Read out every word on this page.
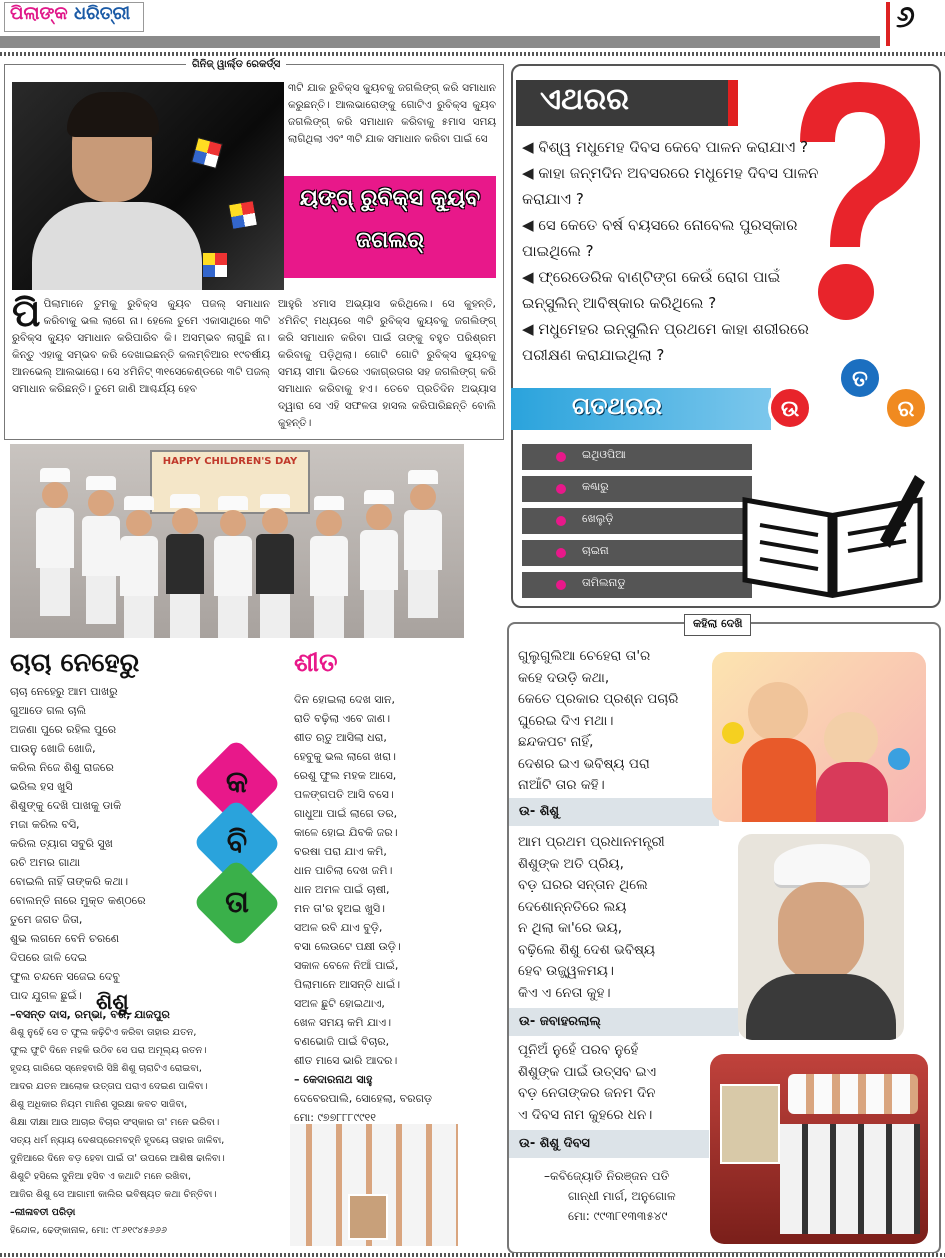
ପିଲାଙ୍କ ଧରିତ୍ରୀ	୬
ଗିନିଜ୍ ୱାର୍ଲ୍ଡ ରେକର୍ଡ୍ସ
୩ଟି ଯାକ ରୁବିକ୍ସ କ୍ୟୁବକୁ ଜଗଲିଙ୍ଗ୍ କରି ସମାଧାନ କରୁଛନ୍ତି। ଆଲଭାରୋଙ୍କୁ ଗୋଟିଏ ରୁବିକ୍ସ କ୍ୟୁବ ଜଗଲିଙ୍ଗ୍ କରି ସମାଧାନ କରିବାକୁ ୫ମାସ ସମୟ ଲାଗିଥିଲା ଏବଂ ୩ଟି ଯାକ ସମାଧାନ କରିବା ପାଇଁ ସେ
ୟଙ୍ଗ୍ ରୁବିକ୍ସ କ୍ୟୁବ
ଜଗଲର୍
ପିପିଲାମାନେ ତୁମକୁ ରୁବିକ୍ସ କ୍ୟୁବ ପଜଲ୍ ସମାଧାନ କରିବାକୁ ଭଲ ଲାଗେ ନା। ହେଲେ ତୁମେ ଏକାସାଥିରେ ୩ଟି ରୁବିକ୍ସ କ୍ୟୁବ ସମାଧାନ କରିପାରିବ କି। ଅସମ୍ଭବ ଲାଗୁଛି ନା। କିନ୍ତୁ ଏହାକୁ ସମ୍ଭବ କରି ଦେଖାଇଛନ୍ତି କଲମ୍ବିଆର ୧୯ବର୍ଷୀୟ ଆନଭେଲ୍ ଆଲଭାରୋ। ସେ ୪ମିନିଟ୍ ୩୧ସେକେଣ୍ଡରେ ୩ଟି ପଜଲ୍ ସମାଧାନ କରିଛନ୍ତି। ତୁମେ ଜାଣି ଆଶ୍ଚର୍ଯ୍ୟ ହେବ
ଆହୁରି ୪ମାସ ଅଭ୍ୟାସ କରିଥିଲେ। ସେ କୁହନ୍ତି, ୪ମିନିଟ୍ ମଧ୍ୟରେ ୩ଟି ରୁବିକ୍ସ କ୍ୟୁବକୁ ଜଗଲିଙ୍ଗ୍ କରି ସମାଧାନ କରିବା ପାଇଁ ତାଙ୍କୁ ବହୁତ ପରିଶ୍ରମ କରିବାକୁ ପଡ଼ିଥିଲା। ଗୋଟି ଗୋଟି ରୁବିକ୍ସ କ୍ୟୁବକୁ ସମୟ ସୀମା ଭିତରେ ଏକାଗ୍ରତାର ସହ ଜଗଲିଙ୍ଗ୍ କରି ସମାଧାନ କରିବାକୁ ହଏ। ତେବେ ପ୍ରତିଦିନ ଅଭ୍ୟାସ ଦ୍ୱାରା ସେ ଏହି ସଫଳତା ହାସଲ କରିପାରିଛନ୍ତି ବୋଲି କୁହନ୍ତି।
HAPPY CHILDREN'S DAY
ଏଥରର
◀ ବିଶ୍ୱ ମଧୁମେହ ଦିବସ କେବେ ପାଳନ କରାଯାଏ ?
◀ କାହା ଜନ୍ମଦିନ ଅବସରରେ ମଧୁମେହ ଦିବସ ପାଳନ କରାଯାଏ ?
◀ ସେ କେତେ ବର୍ଷ ବୟସରେ ନୋବେଲ ପୁରସ୍କାର ପାଇଥିଲେ ?
◀ ଫ୍ରେଡେରିକ ବାଣ୍ଟିଙ୍ଗ କେଉଁ ରୋଗ ପାଇଁ ଇନ୍ସୁଲିନ୍ ଆବିଷ୍କାର କରିଥିଲେ ?
◀ ମଧୁମେହର ଇନ୍ସୁଲିନ ପ୍ରଥମେ କାହା ଶରୀରରେ ପରୀକ୍ଷଣ କରାଯାଇଥିଲା ?
ଗତଥରର	ଉ
ତ
ର
ଇଥିଓପିଆ
କଣ୍ଢାରୁ
ଖେଲୁଡ଼ି
ଚାଇନା
ତାମିଲନାଡୁ
କହିଲା ଦେଖି
ଗୁଲୁଗୁଲିଆ ଚେହେରା ତା'ର
କହେ ଦଉଡ଼ି କଥା,
କେତେ ପ୍ରକାର ପ୍ରଶ୍ନ ପଚାରି
ଘୁରେଇ ଦିଏ ମଥା।
ଛନ୍ଦକପଟ ନାହିଁ,
ଦେଶର ଇଏ ଭବିଷ୍ୟ ପରା
ନାଆଁଟି ତାର କହି।
ଉ- ଶିଶୁ
ଆମ ପ୍ରଥମ ପ୍ରଧାନମନ୍ତ୍ରୀ
ଶିଶୁଙ୍କ ଅତି ପ୍ରିୟ,
ବଡ଼ ଘରର ସନ୍ତାନ ଥିଲେ
ଦେଶୋନ୍ନତିରେ ଲୟ
ନ ଥିଲା କା'ରେ ଭୟ,
ବଢ଼ିଲେ ଶିଶୁ ଦେଶ ଭବିଷ୍ୟ
ହେବ ଉଜ୍ଜ୍ୱଳମୟ।
କିଏ ଏ ନେତା କୁହ।
ଉ- ଜବାହରଲାଲ୍
ପୂନିଅଁ ନୁହେଁ ପରବ ନୁହେଁ
ଶିଶୁଙ୍କ ପାଇଁ ଉତ୍ସବ ଇଏ
ବଡ଼ ନେତାଙ୍କର ଜନମ ଦିନ
ଏ ଦିବସ ନାମ କୁହରେ ଧନ।
ଉ- ଶିଶୁ ଦିବସ
–କବିଜ୍ୟୋତି ନିରଞ୍ଜନ ପତି
ଗାନ୍ଧୀ ମାର୍ଗ, ଅନୁଗୋଳ
ମୋ: ୯୯୩୮୧୩୩୫୪୯
ଚାଚା ନେହେରୁ
ଚାଚା ନେହେରୁ ଆମ ପାଖରୁ
ଗୁଆଡେ ଗଲ ଚାଲି
ଅଜଣା ପୁରେ ରହିଲ ପୁରେ
ପାଉନୁ ଖୋଜି ଖୋଜି,
କରିଲ ନିଜେ ଶିଶୁ ରାଜରେ
ଭରିଲ ହସ ଖୁସି
ଶିଶୁଙ୍କୁ ଦେଖି ପାଖକୁ ଡାକି
ମଜା କରିଲ ବସି,
କରିଲ ତ୍ୟାଗ ସବୁରି ସୁଖ
ରଚି ଅମର ଗାଥା
ବୋଇଲି ନାହିଁ ତାଙ୍କରି କଥା।
ବୋଲନ୍ତି ନାରେ ମୁକ୍ତ କଣ୍ଠରେ
ତୁମେ ଜଗତ ଜିତା,
ଶୁଭ ଲଗନେ ବେନି ଚରଣେ
ଦିପରେ ଜାଳି ଦେଇ
ଫୁଲ ଚନ୍ଦନେ ସଜେଇ ଦେବୁ
ପାଦ ଯୁଗଳ ଛୁଇଁ।
–ବସନ୍ତ ଦାସ, ରମ୍ଭା, ବରି, ଯାଜପୁର
କ
ବି
ତା
ଶୀତ
ଦିନ ହୋଇଲା ଦେଖ ସାନ,
ରାତି ବଢ଼ିଲା ଏବେ ଜାଣ।
ଶୀତ ଋତୁ ଆସିଲା ଧରା,
ହେବୁକୁ ଭଲ ଲାଗେ ଖରା।
ରେଶୁ ଫୁଲ ମହକ ଆସେ,
ପଳଙ୍ଗପତି ଆସି ବସେ।
ଗାଧୁଆ ପାଇଁ ଲାଗେ ଡର,
କାଳେ ହୋଇ ଯିବକି ଜର।
ବରଷା ପରା ଯାଏ କମି,
ଧାନ ପାଚିଲା ଦେଖ ଜମି।
ଧାନ ଅମଳ ପାଇଁ ଚାଷୀ,
ମନ ତା'ର ହୁଅଇ ଖୁସି।
ସଅଳ ରବି ଯାଏ ବୁଡ଼ି,
ବସା ଲେଉଟେ ପକ୍ଷୀ ଉଡ଼ି।
ସକାଳ ବେଳେ ନିଆଁ ପାଇଁ,
ପିଲାମାନେ ଆସନ୍ତି ଧାଇଁ।
ସଅଳ ଛୁଟି ହୋଇଥାଏ,
ଖେଳ ସମୟ କମି ଯାଏ।
ବଣଭୋଜି ପାଇଁ ବିଚାର,
ଶୀତ ମାସେ ଭାରି ଆଦର।
– କେଦାରନାଥ ସାହୁ
ଦେବେରପାଲି, ସୋହେଲା, ବରଗଡ଼
ମୋ: ୯୭୭୮୮୮୯୯୧୧
ଶିଶୁ
ଶିଶୁ ନୁହେଁ ସେ ତ ଫୁଲ କଢ଼ିଟିଏ କରିବା ତାହାର ଯତନ,
ଫୁଲ ଫୁଟି ଦିନେ ମହକି ଉଠିବ ସେ ପରା ଅମୂଲ୍ୟ ରତନ।
ହୃଦୟ ଗାରିରେ ସ୍ନେହବାରି ସିଞ୍ଚି ଶିଶୁ ଚାରାଟିଏ ରୋଇବା,
ଆଦର ଯତନ ଆଲୋକ ଉତ୍ତାପ ପରାଏ ଦେଇଣ ପାଳିବା।
ଶିଶୁ ଅଧିକାର ନିୟମ ମାନିଣ ସୁରକ୍ଷା କବଚ ସାଜିବା,
ଶିକ୍ଷା ଦୀକ୍ଷା ଆଉ ଆଚାର ବିଚାର ସଂସ୍କାର ତା' ମନେ ଭରିବା।
ସତ୍ୟ ଧର୍ମ ନ୍ୟାୟ ଦେଶପ୍ରେମବହ୍ନି ହୃଦୟେ ତାହାର ଜାଳିବା,
ଦୁନିଆରେ ଦିନେ ବଡ଼ ହେବା ପାଇଁ ତା' ଉପରେ ଆଶିଷ ଢାଳିବା।
ଶିଶୁଟି ହସିଲେ ଦୁନିଆ ହସିବ ଏ କଥାଟି ମନେ ରଖିବା,
ଆଜିର ଶିଶୁ ସେ ଆଗାମୀ କାଲିର ଭବିଷ୍ୟତ କଥା ଚିନ୍ତିବା।
–ଲୀଳାବତୀ ପରିଡ଼ା
ହିନ୍ଦୋଳ, ଢେଙ୍କାନାଳ, ମୋ: ୯୮୬୧୯୪୫୬୬୬
